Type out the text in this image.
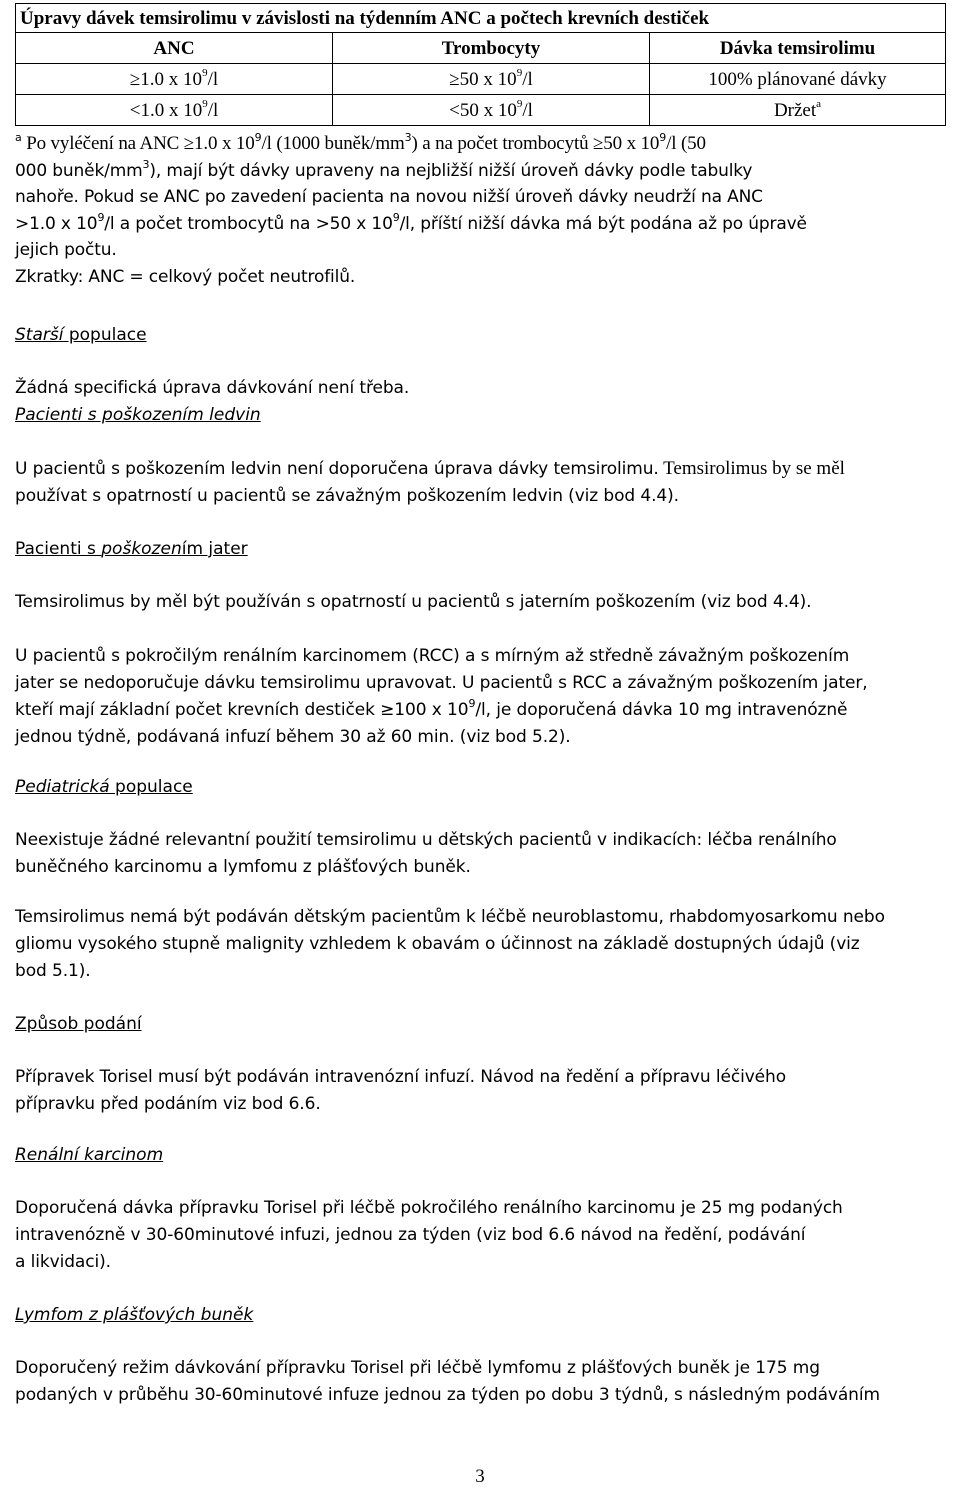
Úpravy dávek temsirolimu v závislosti na týdenním ANC a počtech krevních destiček		
ANC	Trombocyty	Dávka temsirolimu
≥1.0 x $10^9/l$	≥50 x $10^9/l$	100% plánované dávky
<1.0 x $10^9/l$	<50 x $10^9/l$	Držet$^a$
$^a$ Po vyléčení na ANC ≥1.0 x $10^9/l$ (1000 buněk/$mm^3$) a na počet trombocytů ≥50 x $10^9/l$ (50
000 buněk/$mm^3$), mají být dávky upraveny na nejbližší nižší úroveň dávky podle tabulky
nahoře. Pokud se ANC po zavedení pacienta na novou nižší úroveň dávky neudrží na ANC
>1.0 x $10^9/l$ a počet trombocytů na >50 x $10^9/l$, příští nižší dávka má být podána až po úpravě
jejich počtu.
Zkratky: ANC = celkový počet neutrofilů.
Starší populace
Žádná specifická úprava dávkování není třeba.
Pacienti s poškozením ledvin
U pacientů s poškozením ledvin není doporučena úprava dávky temsirolimu. Temsirolimus by se měl
používat s opatrností u pacientů se závažným poškozením ledvin (viz bod 4.4).
Pacienti s poškozením jater
Temsirolimus by měl být používán s opatrností u pacientů s jaterním poškozením (viz bod 4.4).
U pacientů s pokročilým renálním karcinomem (RCC) a s mírným až středně závažným poškozením
jater se nedoporučuje dávku temsirolimu upravovat. U pacientů s RCC a závažným poškozením jater,
kteří mají základní počet krevních destiček ≥100 x $10^9/l$, je doporučená dávka 10 mg intravenózně
jednou týdně, podávaná infuzí během 30 až 60 min. (viz bod 5.2).
Pediatrická populace
Neexistuje žádné relevantní použití temsirolimu u dětských pacientů v indikacích: léčba renálního
buněčného karcinomu a lymfomu z plášťových buněk.
Temsirolimus nemá být podáván dětským pacientům k léčbě neuroblastomu, rhabdomyosarkomu nebo
gliomu vysokého stupně malignity vzhledem k obavám o účinnost na základě dostupných údajů (viz
bod 5.1).
Způsob podání
Přípravek Torisel musí být podáván intravenózní infuzí. Návod na ředění a přípravu léčivého
přípravku před podáním viz bod 6.6.
Renální karcinom
Doporučená dávka přípravku Torisel při léčbě pokročilého renálního karcinomu je 25 mg podaných
intravenózně v 30-60minutové infuzi, jednou za týden (viz bod 6.6 návod na ředění, podávání
a likvidaci).
Lymfom z plášťových buněk
Doporučený režim dávkování přípravku Torisel při léčbě lymfomu z plášťových buněk je 175 mg
podaných v průběhu 30-60minutové infuze jednou za týden po dobu 3 týdnů, s následným podáváním
3
